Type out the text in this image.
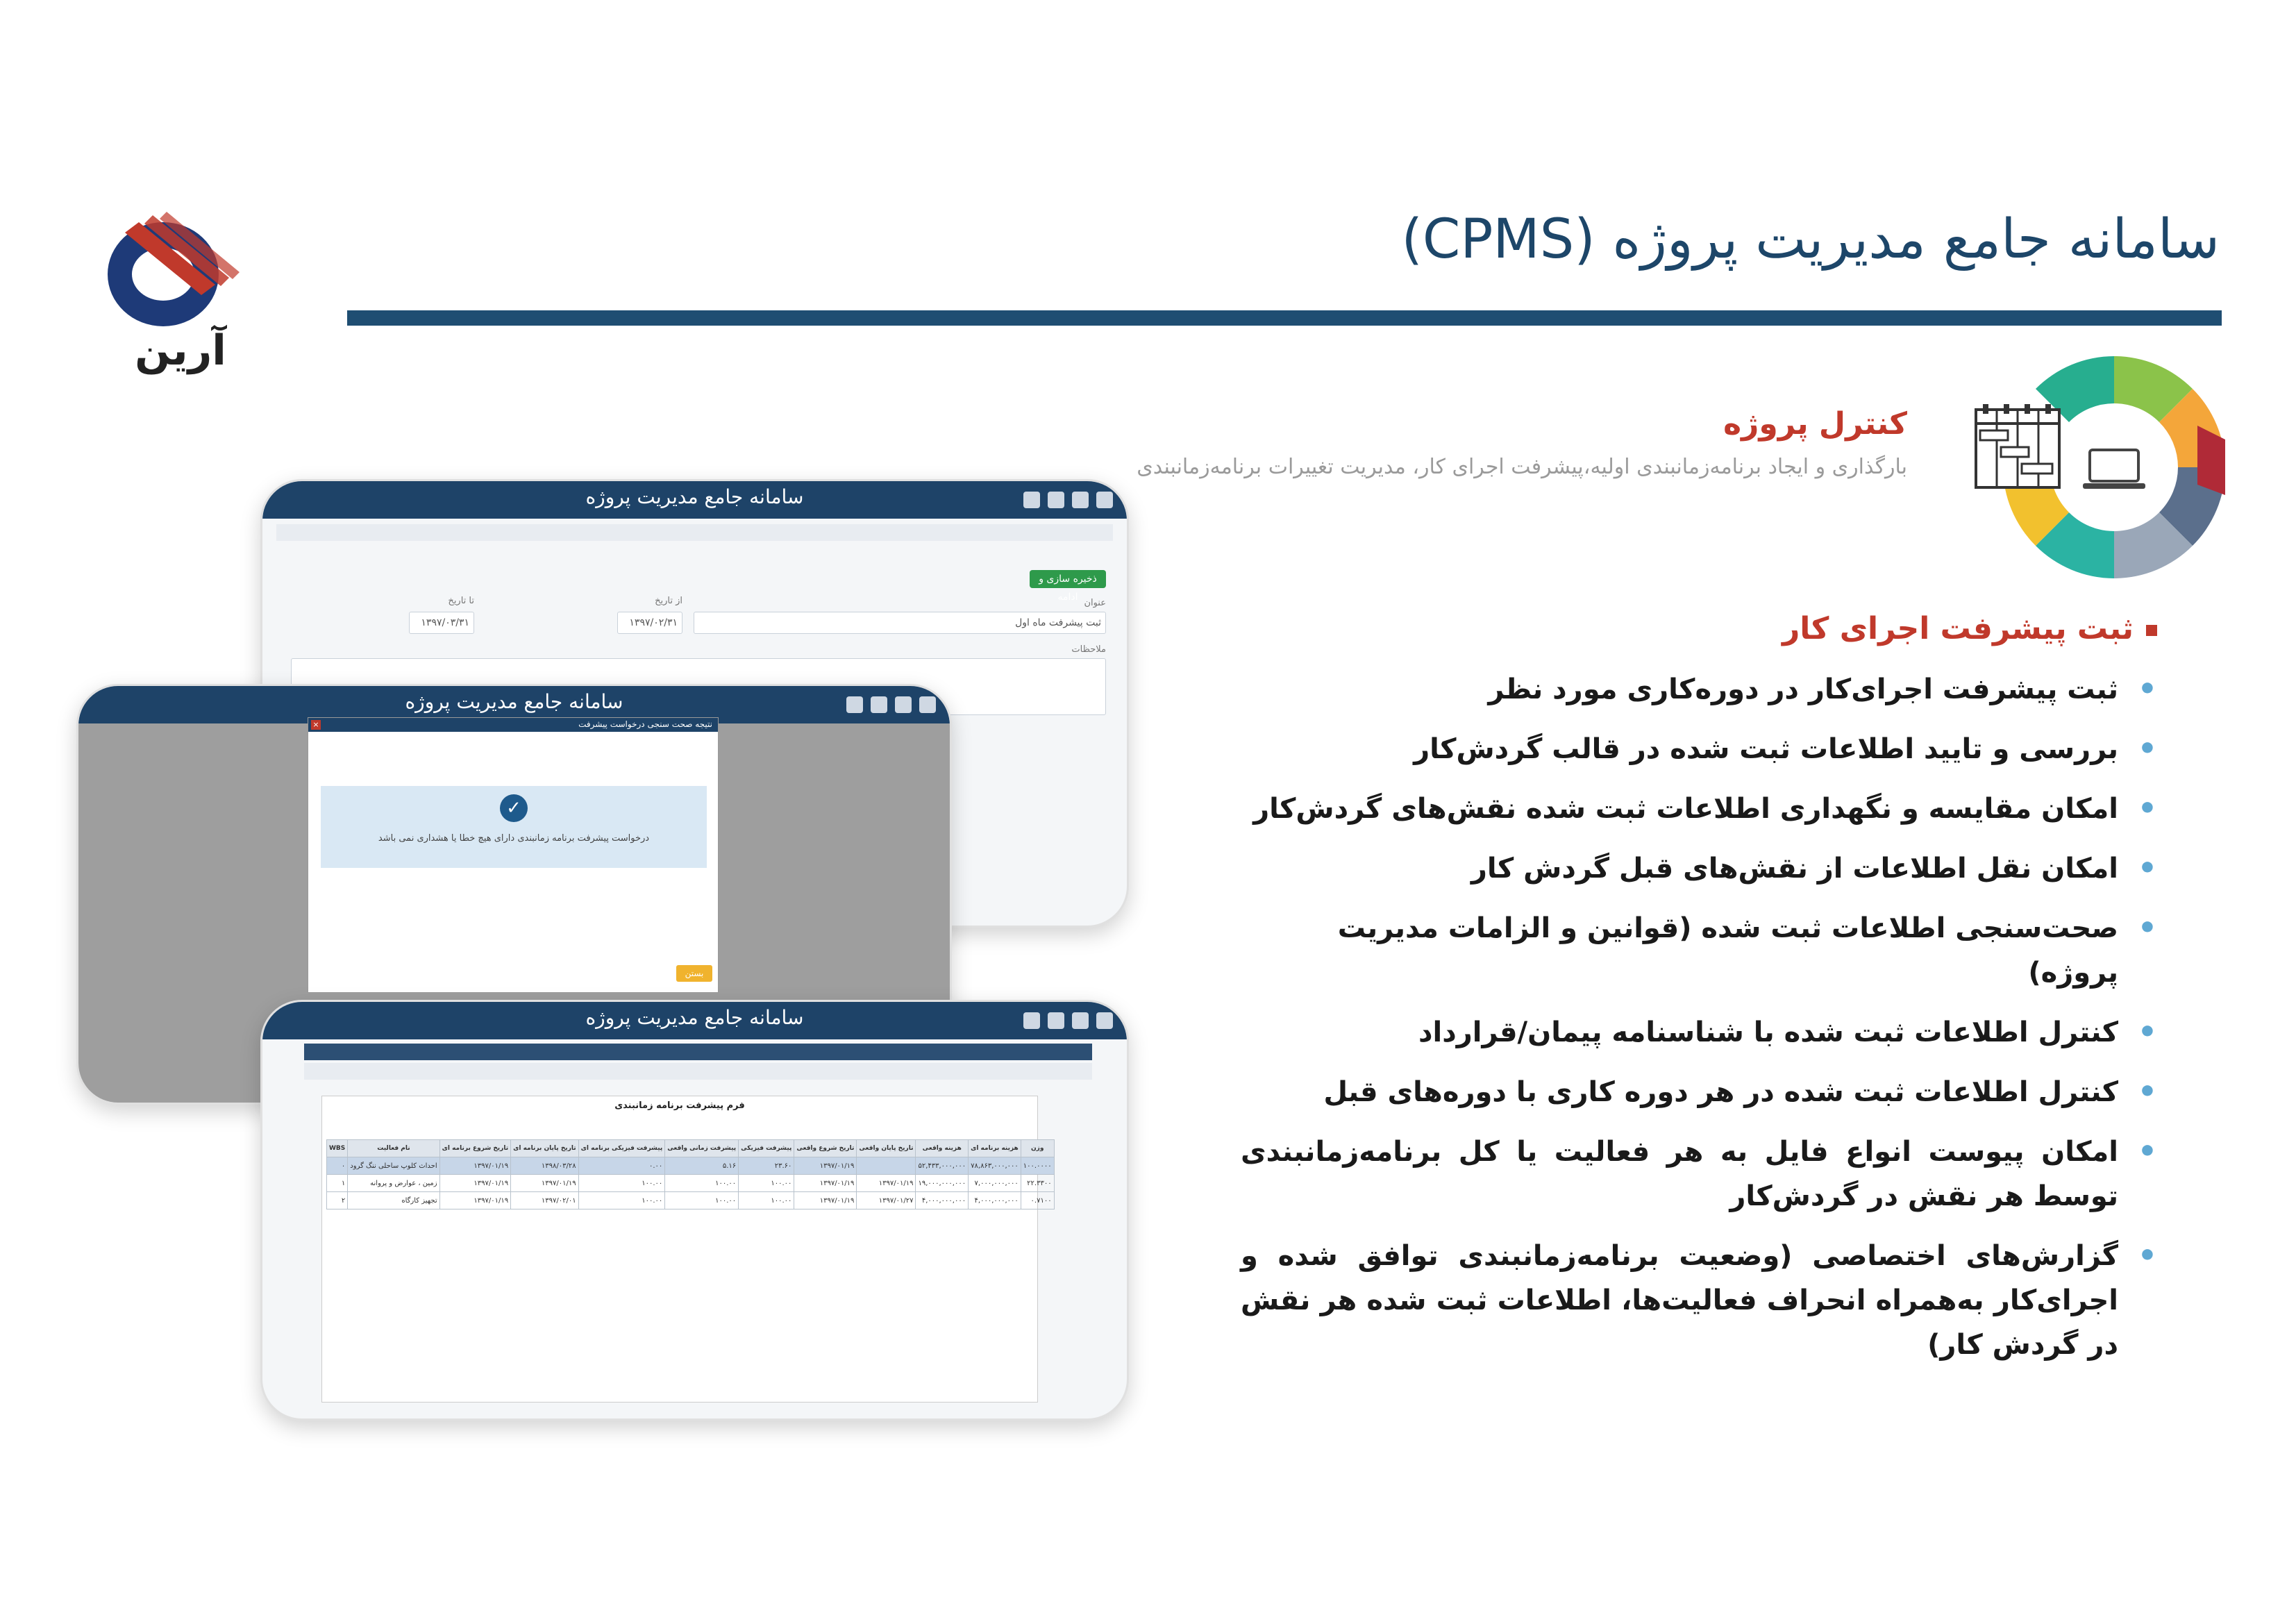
سامانه جامع مدیریت پروژه (CPMS)
آرین
کنترل پروژه
بارگذاری و ایجاد برنامه‌زمانبندی اولیه،پیشرفت اجرای کار، مدیریت تغییرات برنامه‌زمانبندی
ثبت پیشرفت اجرای کار
• ثبت پیشرفت اجرای‌کار در دوره‌کاری مورد نظر
• بررسی و تایید اطلاعات ثبت شده در قالب گردش‌کار
• امکان مقایسه و نگهداری اطلاعات ثبت شده نقش‌های گردش‌کار
• امکان نقل اطلاعات از نقش‌های قبل گردش کار
• صحت‌سنجی اطلاعات ثبت شده (قوانین و الزامات مدیریت پروژه)
• کنترل اطلاعات ثبت شده با شناسنامه پیمان/قرارداد
• کنترل اطلاعات ثبت شده در هر دوره کاری با دوره‌های قبل
• امکان پیوست انواع فایل به هر فعالیت یا کل برنامه‌زمانبندی توسط هر نقش در گردش‌کار
• گزارش‌های اختصاصی (وضعیت برنامه‌زمانبندی توافق شده و اجرای‌کار به‌همراه انحراف فعالیت‌ها، اطلاعات ثبت شده هر نقش در گردش کار)
سامانه جامع مدیریت پروژه
ذخیره سازی و ادامه
عنوان
ثبت پیشرفت ماه اول
از تاریخ
۱۳۹۷/۰۲/۳۱
تا تاریخ
۱۳۹۷/۰۳/۳۱
ملاحظات
سامانه جامع مدیریت پروژه
×	نتیجه صحت سنجی درخواست پیشرفت
✓
درخواست پیشرفت برنامه زمانبندی دارای هیچ خطا یا هشداری نمی باشد
بستن
سامانه جامع مدیریت پروژه
فرم پیشرفت برنامه زمانبندی
وزن	هزینه برنامه ای	هزینه واقعی	تاریخ پایان واقعی	تاریخ شروع واقعی	پیشرفت فیزیکی	پیشرفت زمانی واقعی	پیشرفت فیزیکی برنامه ای	تاریخ پایان برنامه ای	تاریخ شروع برنامه ای	نام فعالیت	WBS
۱۰۰.۰۰۰۰	۷۸,۸۶۳,۰۰۰,۰۰۰	۵۲,۴۳۳,۰۰۰,۰۰۰		۱۳۹۷/۰۱/۱۹	۲۳.۶۰	۵.۱۶	۰.۰۰	۱۳۹۸/۰۳/۲۸	۱۳۹۷/۰۱/۱۹	احداث کلوپ ساحلی ننگ گرود	۰
۲۲.۳۳۰۰	۷,۰۰۰,۰۰۰,۰۰۰	۱۹,۰۰۰,۰۰۰,۰۰۰	۱۳۹۷/۰۱/۱۹	۱۳۹۷/۰۱/۱۹	۱۰۰.۰۰	۱۰۰.۰۰	۱۰۰.۰۰	۱۳۹۷/۰۱/۱۹	۱۳۹۷/۰۱/۱۹	زمین ، عوارض و پروانه	۱
۰.۷۱۰۰	۴,۰۰۰,۰۰۰,۰۰۰	۴,۰۰۰,۰۰۰,۰۰۰	۱۳۹۷/۰۱/۲۷	۱۳۹۷/۰۱/۱۹	۱۰۰.۰۰	۱۰۰.۰۰	۱۰۰.۰۰	۱۳۹۷/۰۲/۰۱	۱۳۹۷/۰۱/۱۹	تجهیز کارگاه	۲
